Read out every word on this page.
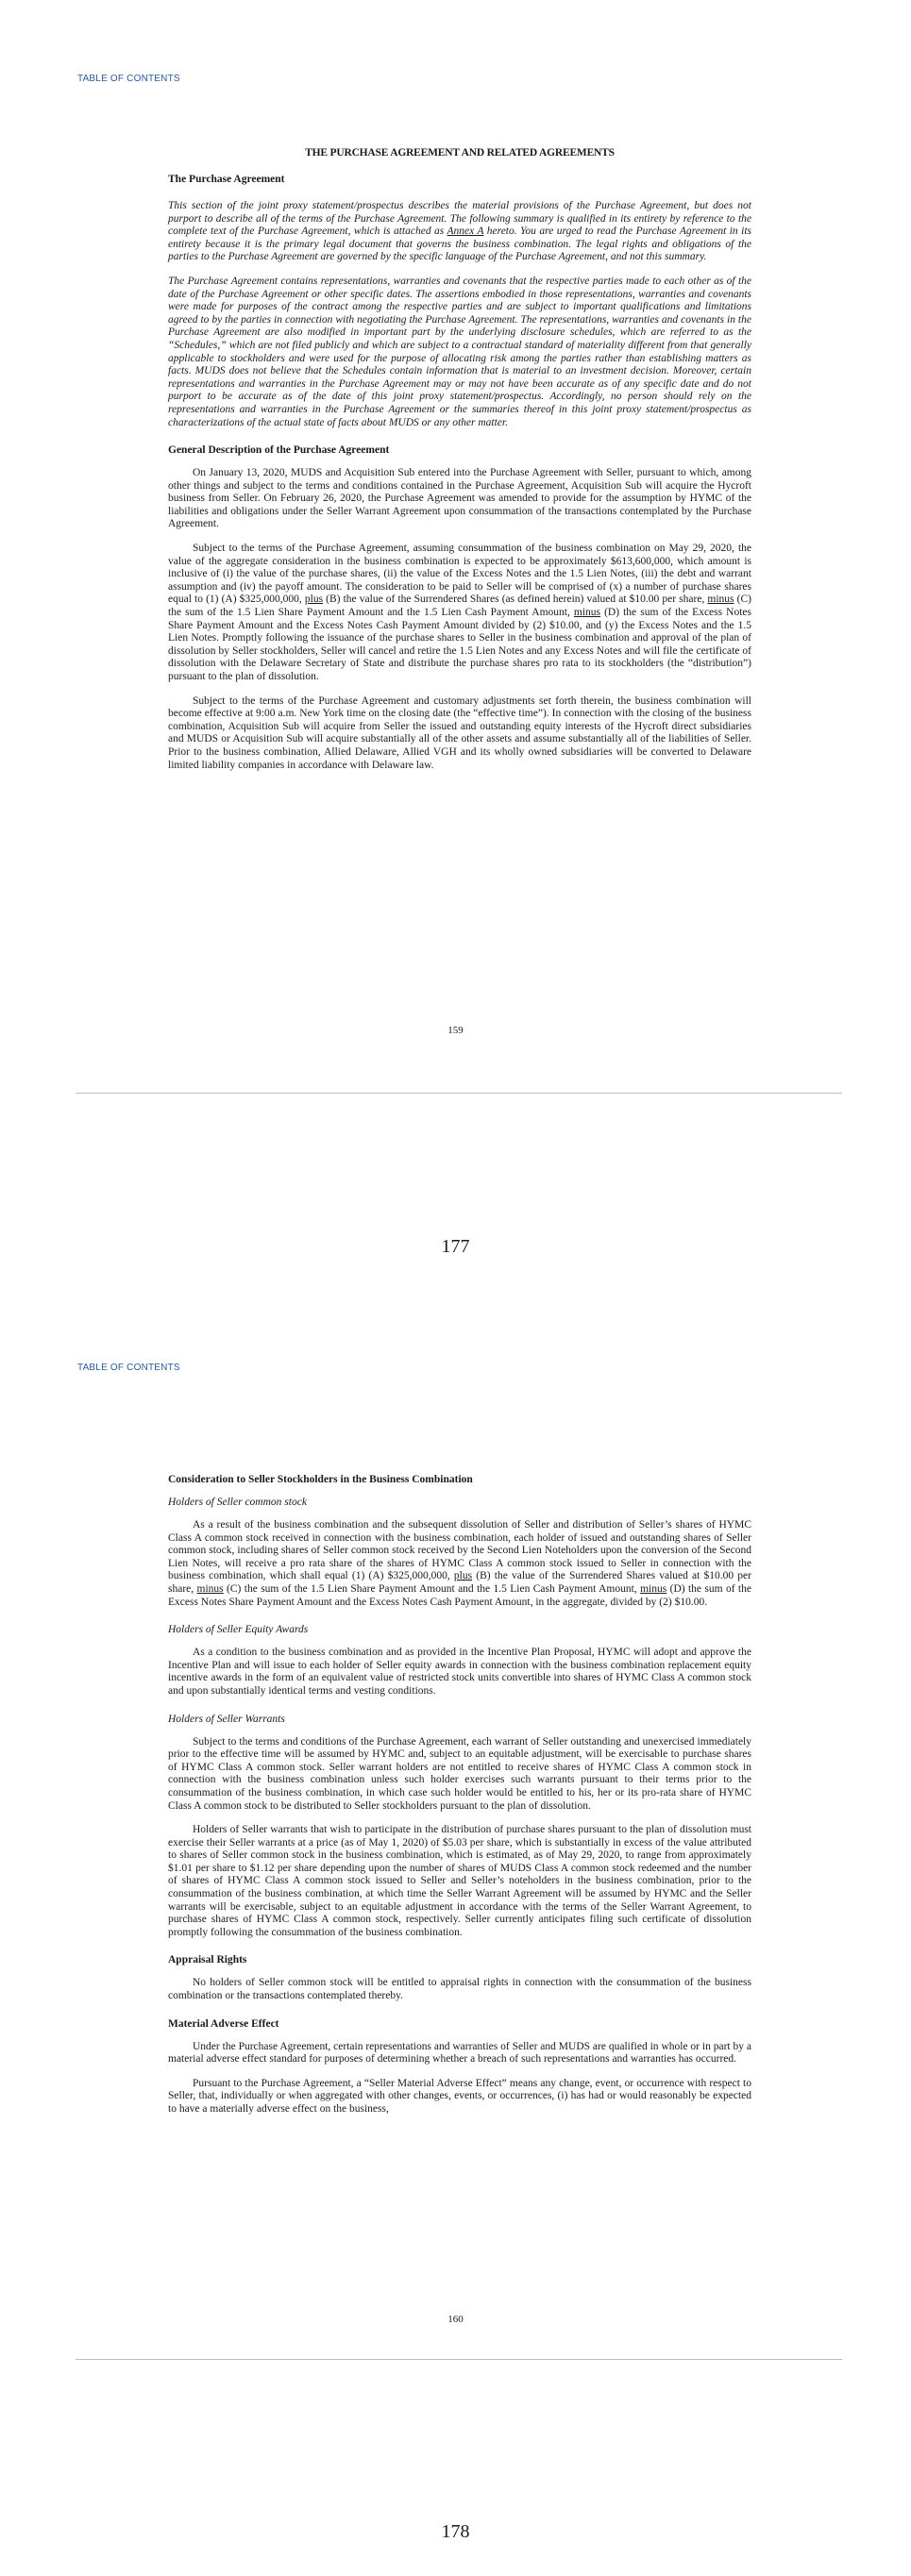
TABLE OF CONTENTS

THE PURCHASE AGREEMENT AND RELATED AGREEMENTS

The Purchase Agreement

This section of the joint proxy statement/prospectus describes the material provisions of the Purchase Agreement, but does not purport to describe all of the terms of the Purchase Agreement. The following summary is qualified in its entirety by reference to the complete text of the Purchase Agreement, which is attached as Annex A hereto. You are urged to read the Purchase Agreement in its entirety because it is the primary legal document that governs the business combination. The legal rights and obligations of the parties to the Purchase Agreement are governed by the specific language of the Purchase Agreement, and not this summary.

The Purchase Agreement contains representations, warranties and covenants that the respective parties made to each other as of the date of the Purchase Agreement or other specific dates. The assertions embodied in those representations, warranties and covenants were made for purposes of the contract among the respective parties and are subject to important qualifications and limitations agreed to by the parties in connection with negotiating the Purchase Agreement. The representations, warranties and covenants in the Purchase Agreement are also modified in important part by the underlying disclosure schedules, which are referred to as the “Schedules,” which are not filed publicly and which are subject to a contractual standard of materiality different from that generally applicable to stockholders and were used for the purpose of allocating risk among the parties rather than establishing matters as facts. MUDS does not believe that the Schedules contain information that is material to an investment decision. Moreover, certain representations and warranties in the Purchase Agreement may or may not have been accurate as of any specific date and do not purport to be accurate as of the date of this joint proxy statement/prospectus. Accordingly, no person should rely on the representations and warranties in the Purchase Agreement or the summaries thereof in this joint proxy statement/prospectus as characterizations of the actual state of facts about MUDS or any other matter.

General Description of the Purchase Agreement

On January 13, 2020, MUDS and Acquisition Sub entered into the Purchase Agreement with Seller, pursuant to which, among other things and subject to the terms and conditions contained in the Purchase Agreement, Acquisition Sub will acquire the Hycroft business from Seller. On February 26, 2020, the Purchase Agreement was amended to provide for the assumption by HYMC of the liabilities and obligations under the Seller Warrant Agreement upon consummation of the transactions contemplated by the Purchase Agreement.

Subject to the terms of the Purchase Agreement, assuming consummation of the business combination on May 29, 2020, the value of the aggregate consideration in the business combination is expected to be approximately $613,600,000, which amount is inclusive of (i) the value of the purchase shares, (ii) the value of the Excess Notes and the 1.5 Lien Notes, (iii) the debt and warrant assumption and (iv) the payoff amount. The consideration to be paid to Seller will be comprised of (x) a number of purchase shares equal to (1) (A) $325,000,000, plus (B) the value of the Surrendered Shares (as defined herein) valued at $10.00 per share, minus (C) the sum of the 1.5 Lien Share Payment Amount and the 1.5 Lien Cash Payment Amount, minus (D) the sum of the Excess Notes Share Payment Amount and the Excess Notes Cash Payment Amount divided by (2) $10.00, and (y) the Excess Notes and the 1.5 Lien Notes. Promptly following the issuance of the purchase shares to Seller in the business combination and approval of the plan of dissolution by Seller stockholders, Seller will cancel and retire the 1.5 Lien Notes and any Excess Notes and will file the certificate of dissolution with the Delaware Secretary of State and distribute the purchase shares pro rata to its stockholders (the “distribution”) pursuant to the plan of dissolution.

Subject to the terms of the Purchase Agreement and customary adjustments set forth therein, the business combination will become effective at 9:00 a.m. New York time on the closing date (the “effective time”). In connection with the closing of the business combination, Acquisition Sub will acquire from Seller the issued and outstanding equity interests of the Hycroft direct subsidiaries and MUDS or Acquisition Sub will acquire substantially all of the other assets and assume substantially all of the liabilities of Seller. Prior to the business combination, Allied Delaware, Allied VGH and its wholly owned subsidiaries will be converted to Delaware limited liability companies in accordance with Delaware law.

159
177
TABLE OF CONTENTS

Consideration to Seller Stockholders in the Business Combination

Holders of Seller common stock

As a result of the business combination and the subsequent dissolution of Seller and distribution of Seller’s shares of HYMC Class A common stock received in connection with the business combination, each holder of issued and outstanding shares of Seller common stock, including shares of Seller common stock received by the Second Lien Noteholders upon the conversion of the Second Lien Notes, will receive a pro rata share of the shares of HYMC Class A common stock issued to Seller in connection with the business combination, which shall equal (1) (A) $325,000,000, plus (B) the value of the Surrendered Shares valued at $10.00 per share, minus (C) the sum of the 1.5 Lien Share Payment Amount and the 1.5 Lien Cash Payment Amount, minus (D) the sum of the Excess Notes Share Payment Amount and the Excess Notes Cash Payment Amount, in the aggregate, divided by (2) $10.00.

Holders of Seller Equity Awards

As a condition to the business combination and as provided in the Incentive Plan Proposal, HYMC will adopt and approve the Incentive Plan and will issue to each holder of Seller equity awards in connection with the business combination replacement equity incentive awards in the form of an equivalent value of restricted stock units convertible into shares of HYMC Class A common stock and upon substantially identical terms and vesting conditions.

Holders of Seller Warrants

Subject to the terms and conditions of the Purchase Agreement, each warrant of Seller outstanding and unexercised immediately prior to the effective time will be assumed by HYMC and, subject to an equitable adjustment, will be exercisable to purchase shares of HYMC Class A common stock. Seller warrant holders are not entitled to receive shares of HYMC Class A common stock in connection with the business combination unless such holder exercises such warrants pursuant to their terms prior to the consummation of the business combination, in which case such holder would be entitled to his, her or its pro-rata share of HYMC Class A common stock to be distributed to Seller stockholders pursuant to the plan of dissolution.

Holders of Seller warrants that wish to participate in the distribution of purchase shares pursuant to the plan of dissolution must exercise their Seller warrants at a price (as of May 1, 2020) of $5.03 per share, which is substantially in excess of the value attributed to shares of Seller common stock in the business combination, which is estimated, as of May 29, 2020, to range from approximately $1.01 per share to $1.12 per share depending upon the number of shares of MUDS Class A common stock redeemed and the number of shares of HYMC Class A common stock issued to Seller and Seller’s noteholders in the business combination, prior to the consummation of the business combination, at which time the Seller Warrant Agreement will be assumed by HYMC and the Seller warrants will be exercisable, subject to an equitable adjustment in accordance with the terms of the Seller Warrant Agreement, to purchase shares of HYMC Class A common stock, respectively. Seller currently anticipates filing such certificate of dissolution promptly following the consummation of the business combination.

Appraisal Rights

No holders of Seller common stock will be entitled to appraisal rights in connection with the consummation of the business combination or the transactions contemplated thereby.

Material Adverse Effect

Under the Purchase Agreement, certain representations and warranties of Seller and MUDS are qualified in whole or in part by a material adverse effect standard for purposes of determining whether a breach of such representations and warranties has occurred.

Pursuant to the Purchase Agreement, a “Seller Material Adverse Effect” means any change, event, or occurrence with respect to Seller, that, individually or when aggregated with other changes, events, or occurrences, (i) has had or would reasonably be expected to have a materially adverse effect on the business,

160
178
